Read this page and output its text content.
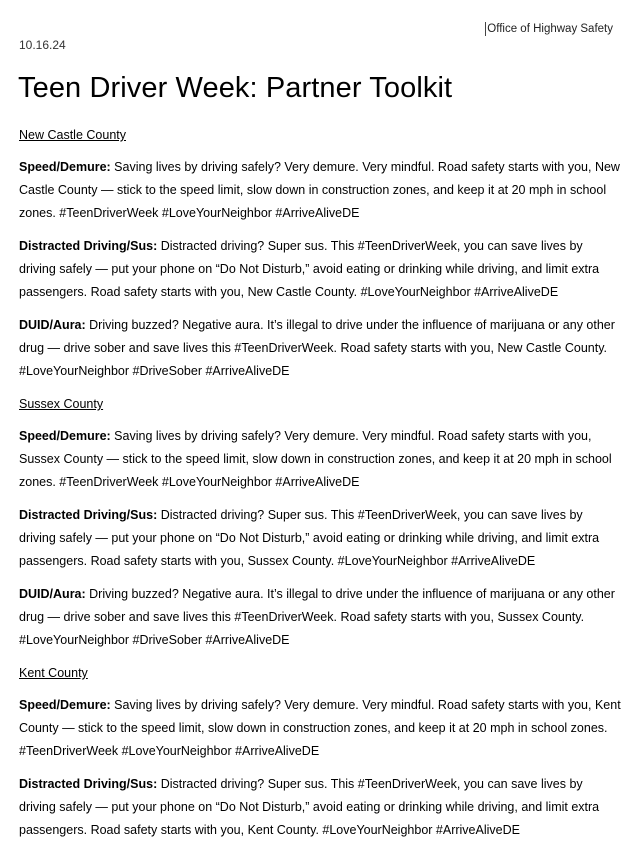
Office of Highway Safety
10.16.24
Teen Driver Week: Partner Toolkit
New Castle County

Speed/Demure: Saving lives by driving safely? Very demure. Very mindful. Road safety starts with you, New Castle County — stick to the speed limit, slow down in construction zones, and keep it at 20 mph in school zones. #TeenDriverWeek #LoveYourNeighbor #ArriveAliveDE

Distracted Driving/Sus: Distracted driving? Super sus. This #TeenDriverWeek, you can save lives by driving safely — put your phone on “Do Not Disturb,” avoid eating or drinking while driving, and limit extra passengers. Road safety starts with you, New Castle County. #LoveYourNeighbor #ArriveAliveDE

DUID/Aura: Driving buzzed? Negative aura. It’s illegal to drive under the influence of marijuana or any other drug — drive sober and save lives this #TeenDriverWeek. Road safety starts with you, New Castle County. #LoveYourNeighbor #DriveSober #ArriveAliveDE

Sussex County

Speed/Demure: Saving lives by driving safely? Very demure. Very mindful. Road safety starts with you, Sussex County — stick to the speed limit, slow down in construction zones, and keep it at 20 mph in school zones. #TeenDriverWeek #LoveYourNeighbor #ArriveAliveDE

Distracted Driving/Sus: Distracted driving? Super sus. This #TeenDriverWeek, you can save lives by driving safely — put your phone on “Do Not Disturb,” avoid eating or drinking while driving, and limit extra passengers. Road safety starts with you, Sussex County. #LoveYourNeighbor #ArriveAliveDE

DUID/Aura: Driving buzzed? Negative aura. It’s illegal to drive under the influence of marijuana or any other drug — drive sober and save lives this #TeenDriverWeek. Road safety starts with you, Sussex County. #LoveYourNeighbor #DriveSober #ArriveAliveDE

Kent County

Speed/Demure: Saving lives by driving safely? Very demure. Very mindful. Road safety starts with you, Kent County — stick to the speed limit, slow down in construction zones, and keep it at 20 mph in school zones. #TeenDriverWeek #LoveYourNeighbor #ArriveAliveDE

Distracted Driving/Sus: Distracted driving? Super sus. This #TeenDriverWeek, you can save lives by driving safely — put your phone on “Do Not Disturb,” avoid eating or drinking while driving, and limit extra passengers. Road safety starts with you, Kent County. #LoveYourNeighbor #ArriveAliveDE
